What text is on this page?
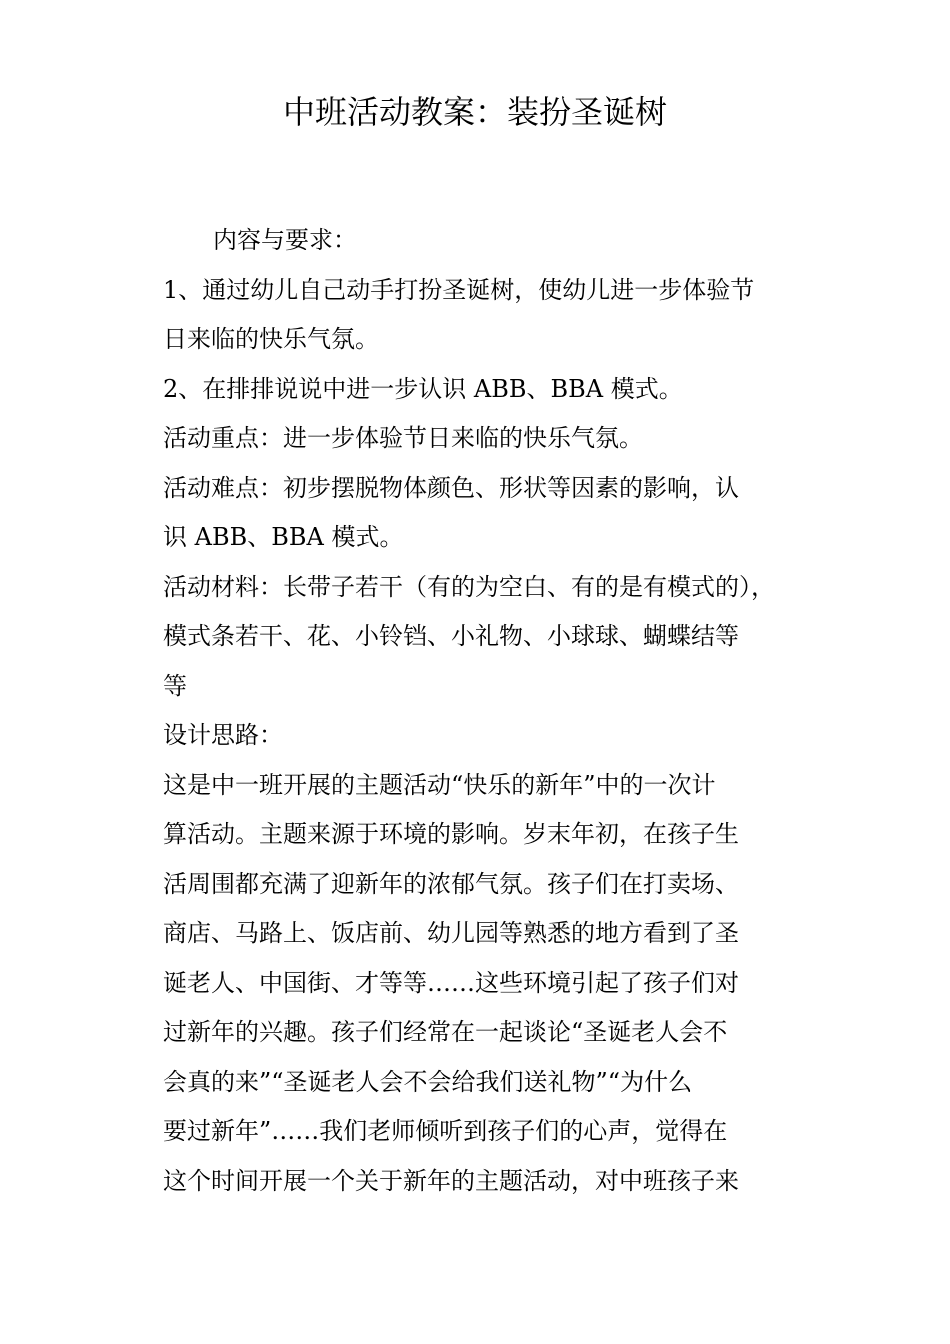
中班活动教案：装扮圣诞树
内容与要求：
1、通过幼儿自己动手打扮圣诞树，使幼儿进一步体验节
日来临的快乐气氛。
2、在排排说说中进一步认识 ABB、BBA 模式。
活动重点：进一步体验节日来临的快乐气氛。
活动难点：初步摆脱物体颜色、形状等因素的影响，认
识 ABB、BBA 模式。
活动材料：长带子若干（有的为空白、有的是有模式的），
模式条若干、花、小铃铛、小礼物、小球球、蝴蝶结等
等
设计思路：
这是中一班开展的主题活动“快乐的新年”中的一次计
算活动。主题来源于环境的影响。岁末年初，在孩子生
活周围都充满了迎新年的浓郁气氛。孩子们在打卖场、
商店、马路上、饭店前、幼儿园等熟悉的地方看到了圣
诞老人、中国街、才等等……这些环境引起了孩子们对
过新年的兴趣。孩子们经常在一起谈论“圣诞老人会不
会真的来”“圣诞老人会不会给我们送礼物”“为什么
要过新年”……我们老师倾听到孩子们的心声，觉得在
这个时间开展一个关于新年的主题活动，对中班孩子来
